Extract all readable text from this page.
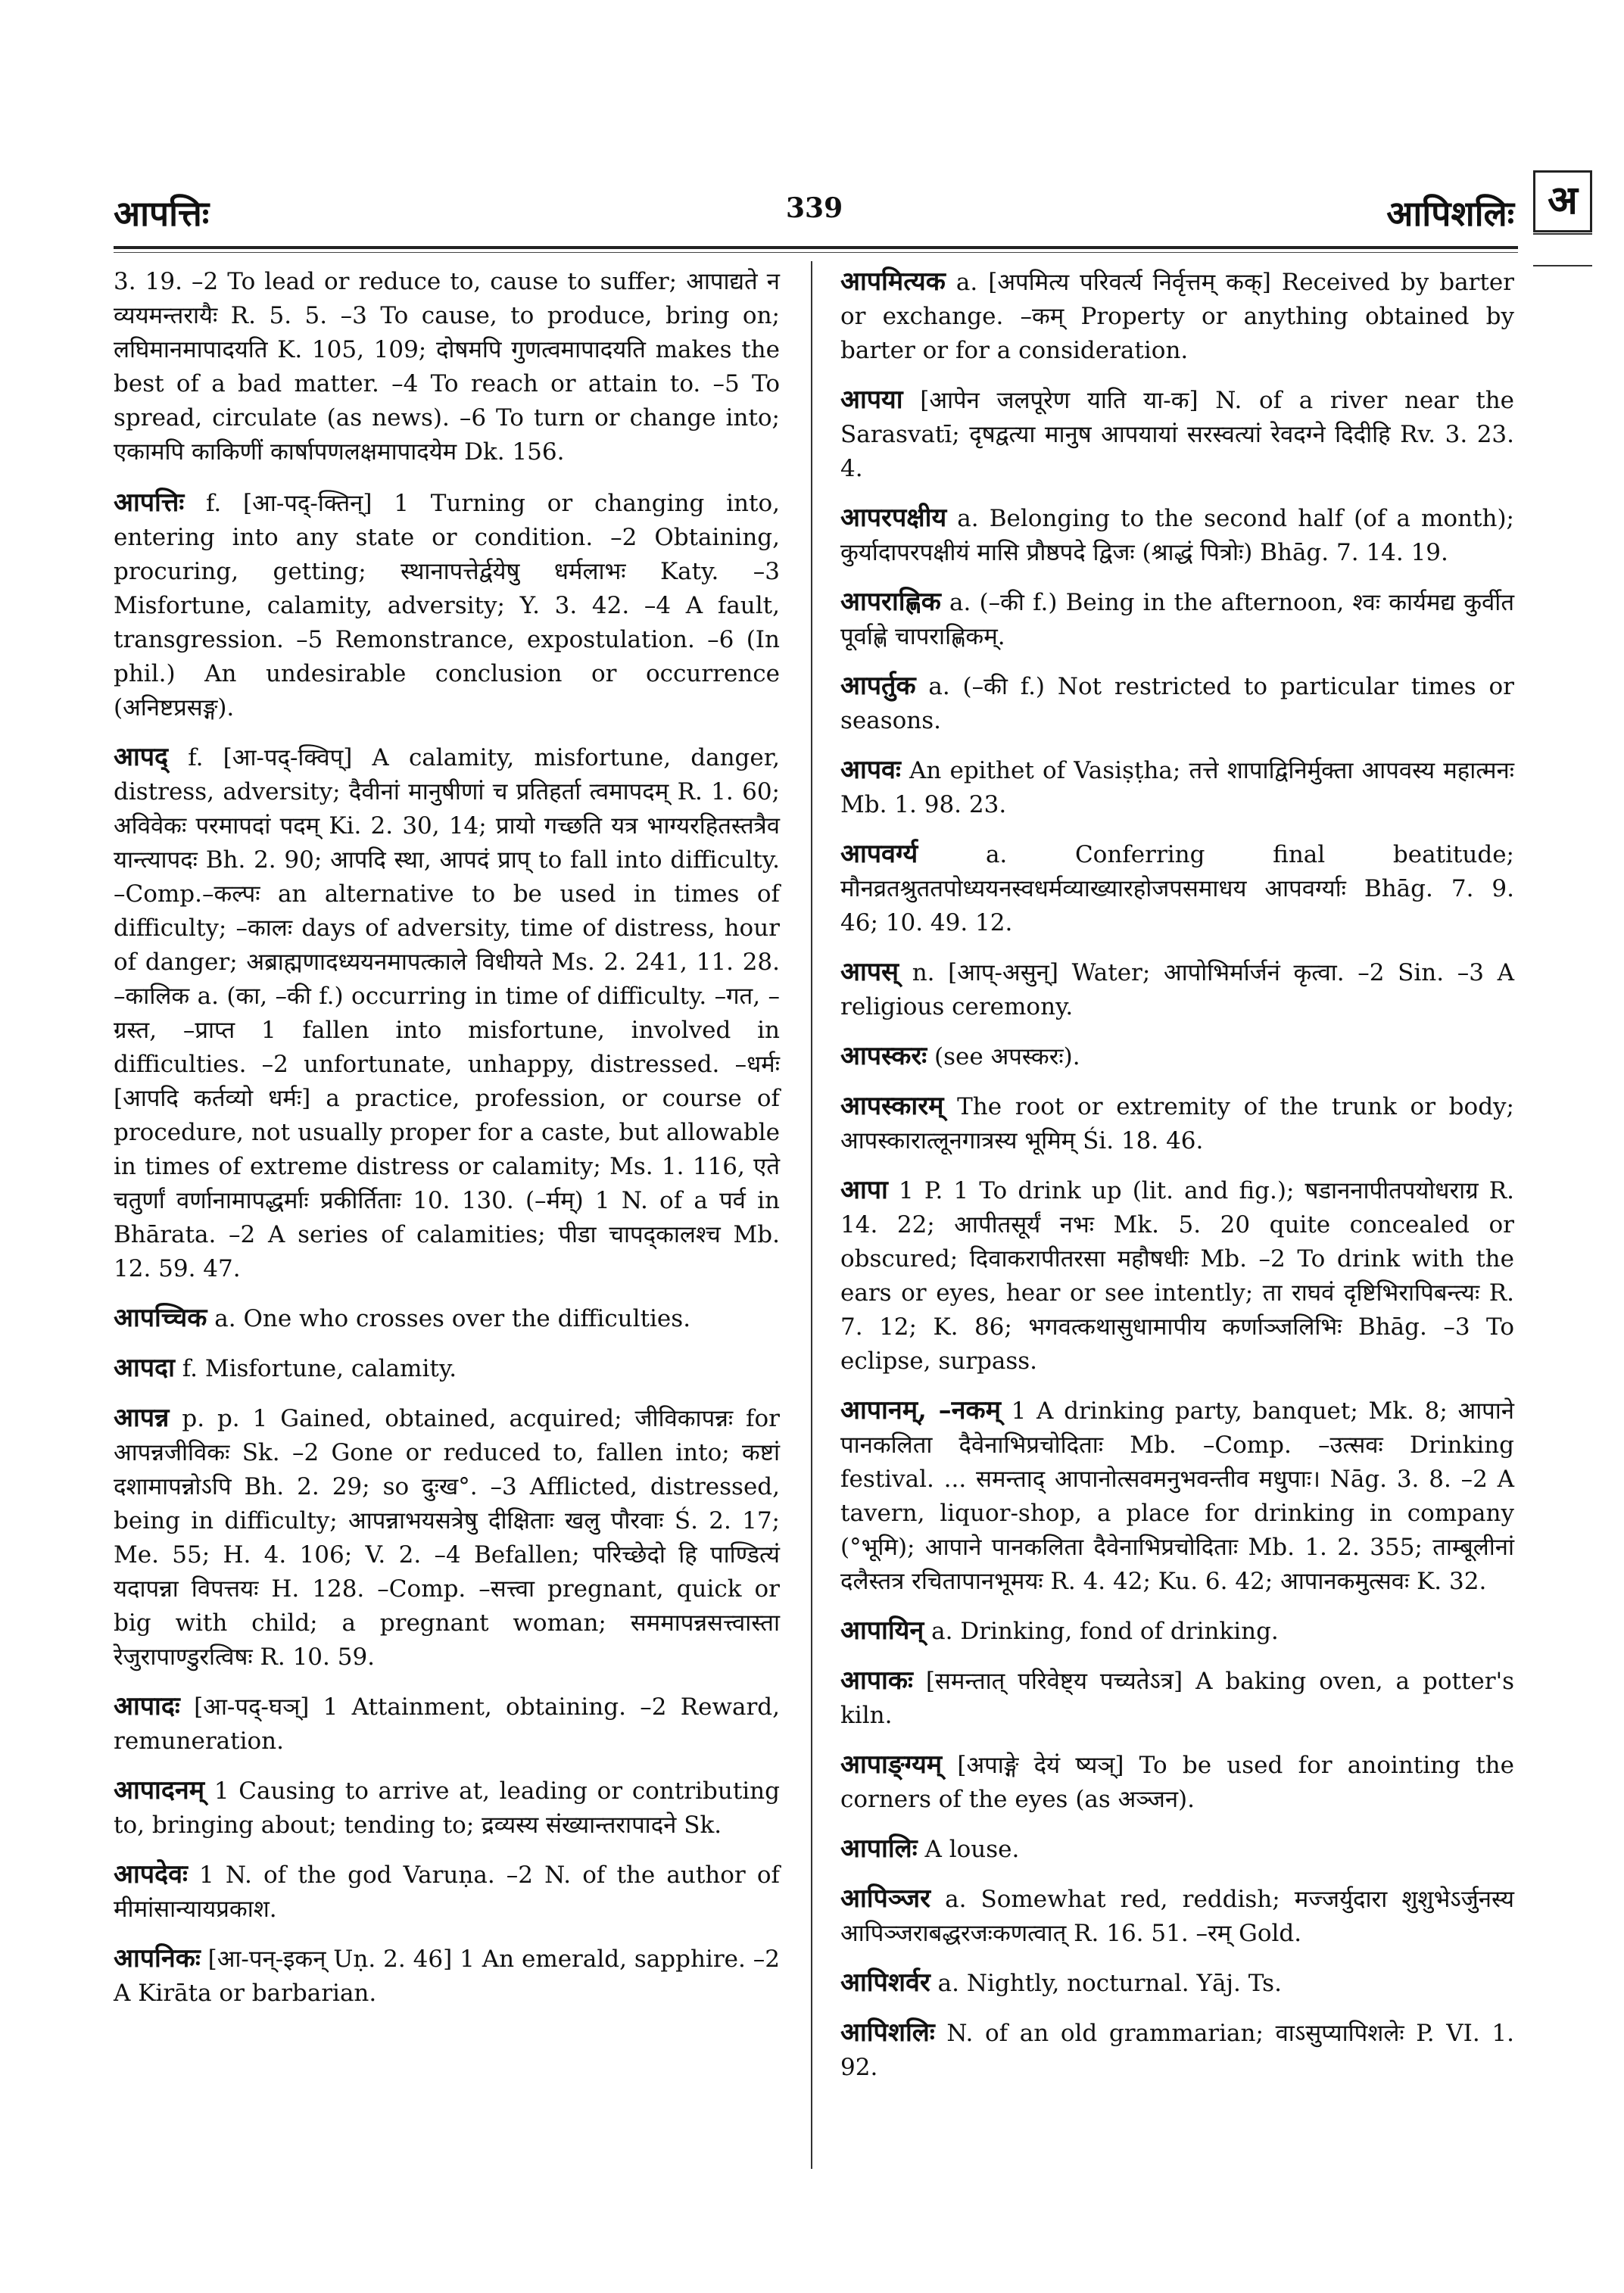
आपत्तिः	339	आपिशलिः अ

3. 19. –2 To lead or reduce to, cause to suffer; आपाद्यते न व्ययमन्तरायैः R. 5. 5. –3 To cause, to produce, bring on; लघिमानमापादयति K. 105, 109; दोषमपि गुणत्वमापादयति makes the best of a bad matter. –4 To reach or attain to. –5 To spread, circulate (as news). –6 To turn or change into; एकामपि काकिणीं कार्षापणलक्षमापादयेम Dk. 156.

आपत्तिः f. [आ-पद्-क्तिन्] 1 Turning or changing into, entering into any state or condition. –2 Obtaining, procuring, getting; स्थानापत्तेर्द्वयेषु धर्मलाभः Katy. –3 Misfortune, calamity, adversity; Y. 3. 42. –4 A fault, transgression. –5 Remonstrance, expostulation. –6 (In phil.) An undesirable conclusion or occurrence (अनिष्टप्रसङ्ग).

आपद् f. [आ-पद्-क्विप्] A calamity, misfortune, danger, distress, adversity; दैवीनां मानुषीणां च प्रतिहर्ता त्वमापदम् R. 1. 60; अविवेकः परमापदां पदम् Ki. 2. 30, 14; प्रायो गच्छति यत्र भाग्यरहितस्तत्रैव यान्त्यापदः Bh. 2. 90; आपदि स्था, आपदं प्राप् to fall into difficulty. –Comp.–कल्पः an alternative to be used in times of difficulty; –कालः days of adversity, time of distress, hour of danger; अब्राह्मणादध्ययनमापत्काले विधीयते Ms. 2. 241, 11. 28. –कालिक a. (का, –की f.) occurring in time of difficulty. –गत, –ग्रस्त, –प्राप्त 1 fallen into misfortune, involved in difficulties. –2 unfortunate, unhappy, distressed. –धर्मः [आपदि कर्तव्यो धर्मः] a practice, profession, or course of procedure, not usually proper for a caste, but allowable in times of extreme distress or calamity; Ms. 1. 116, एते चतुर्णां वर्णानामापद्धर्माः प्रकीर्तिताः 10. 130. (–र्मम्) 1 N. of a पर्व in Bhārata. –2 A series of calamities; पीडा चापद्कालश्च Mb. 12. 59. 47.

आपच्चिक a. One who crosses over the difficulties.

आपदा f. Misfortune, calamity.

आपन्न p. p. 1 Gained, obtained, acquired; जीविकापन्नः for आपन्नजीविकः Sk. –2 Gone or reduced to, fallen into; कष्टां दशामापन्नोऽपि Bh. 2. 29; so दुःख°. –3 Afflicted, distressed, being in difficulty; आपन्नाभयसत्रेषु दीक्षिताः खलु पौरवाः Ś. 2. 17; Me. 55; H. 4. 106; V. 2. –4 Befallen; परिच्छेदो हि पाण्डित्यं यदापन्ना विपत्तयः H. 128. –Comp. –सत्त्वा pregnant, quick or big with child; a pregnant woman; सममापन्नसत्त्वास्ता रेजुरापाण्डुरत्विषः R. 10. 59.

आपादः [आ-पद्-घञ्] 1 Attainment, obtaining. –2 Reward, remuneration.

आपादनम् 1 Causing to arrive at, leading or contributing to, bringing about; tending to; द्रव्यस्य संख्यान्तरापादने Sk.

आपदेवः 1 N. of the god Varuṇa. –2 N. of the author of मीमांसान्यायप्रकाश.

आपनिकः [आ-पन्-इकन् Uṇ. 2. 46] 1 An emerald, sapphire. –2 A Kirāta or barbarian.

आपमित्यक a. [अपमित्य परिवर्त्य निर्वृत्तम् कक्] Received by barter or exchange. –कम् Property or anything obtained by barter or for a consideration.

आपया [आपेन जलपूरेण याति या-क] N. of a river near the Sarasvatī; दृषद्वत्या मानुष आपयायां सरस्वत्यां रेवदग्ने दिदीहि Rv. 3. 23. 4.

आपरपक्षीय a. Belonging to the second half (of a month); कुर्यादापरपक्षीयं मासि प्रौष्ठपदे द्विजः (श्राद्धं पित्रोः) Bhāg. 7. 14. 19.

आपराह्णिक a. (–की f.) Being in the afternoon, श्वः कार्यमद्य कुर्वीत पूर्वाह्णे चापराह्णिकम्.

आपर्तुक a. (–की f.) Not restricted to particular times or seasons.

आपवः An epithet of Vasiṣṭha; तत्ते शापाद्विनिर्मुक्ता आपवस्य महात्मनः Mb. 1. 98. 23.

आपवर्ग्य	a. Conferring final beatitude; मौनव्रतश्रुततपोध्ययनस्वधर्मव्याख्यारहोजपसमाधय आपवर्ग्याः Bhāg. 7. 9. 46; 10. 49. 12.

आपस् n. [आप्-असुन्] Water; आपोभिर्मार्जनं कृत्वा. –2 Sin. –3 A religious ceremony.

आपस्करः (see अपस्करः).

आपस्कारम् The root or extremity of the trunk or body; आपस्कारात्लूनगात्रस्य भूमिम् Śi. 18. 46.

आपा 1 P. 1 To drink up (lit. and fig.); षडाननापीतपयोधराग्र R. 14. 22; आपीतसूर्यं नभः Mk. 5. 20 quite concealed or obscured; दिवाकरापीतरसा महौषधीः Mb. –2 To drink with the ears or eyes, hear or see intently; ता राघवं दृष्टिभिरापिबन्त्यः R. 7. 12; K. 86; भगवत्कथासुधामापीय कर्णाञ्जलिभिः Bhāg. –3 To eclipse, surpass.

आपानम्, –नकम् 1 A drinking party, banquet; Mk. 8; आपाने पानकलिता दैवेनाभिप्रचोदिताः Mb. –Comp. –उत्सवः Drinking festival. ... समन्ताद् आपानोत्सवमनुभवन्तीव मधुपाः। Nāg. 3. 8. –2 A tavern, liquor-shop, a place for drinking in company (°भूमि); आपाने पानकलिता दैवेनाभिप्रचोदिताः Mb. 1. 2. 355; ताम्बूलीनां दलैस्तत्र रचितापानभूमयः R. 4. 42; Ku. 6. 42; आपानकमुत्सवः K. 32.

आपायिन् a. Drinking, fond of drinking.

आपाकः [समन्तात् परिवेष्ट्य पच्यतेऽत्र] A baking oven, a potter's kiln.

आपाङ्ग्यम् [अपाङ्गे देयं ष्यञ्] To be used for anointing the corners of the eyes (as अञ्जन).

आपालिः A louse.

आपिञ्जर a. Somewhat red, reddish; मज्जर्युदारा शुशुभेऽर्जुनस्य आपिञ्जराबद्धरजःकणत्वात् R. 16. 51. –रम् Gold.

आपिशर्वर a. Nightly, nocturnal. Yāj. Ts.

आपिशलिः N. of an old grammarian; वाऽसुप्यापिशलेः P. VI. 1. 92.
